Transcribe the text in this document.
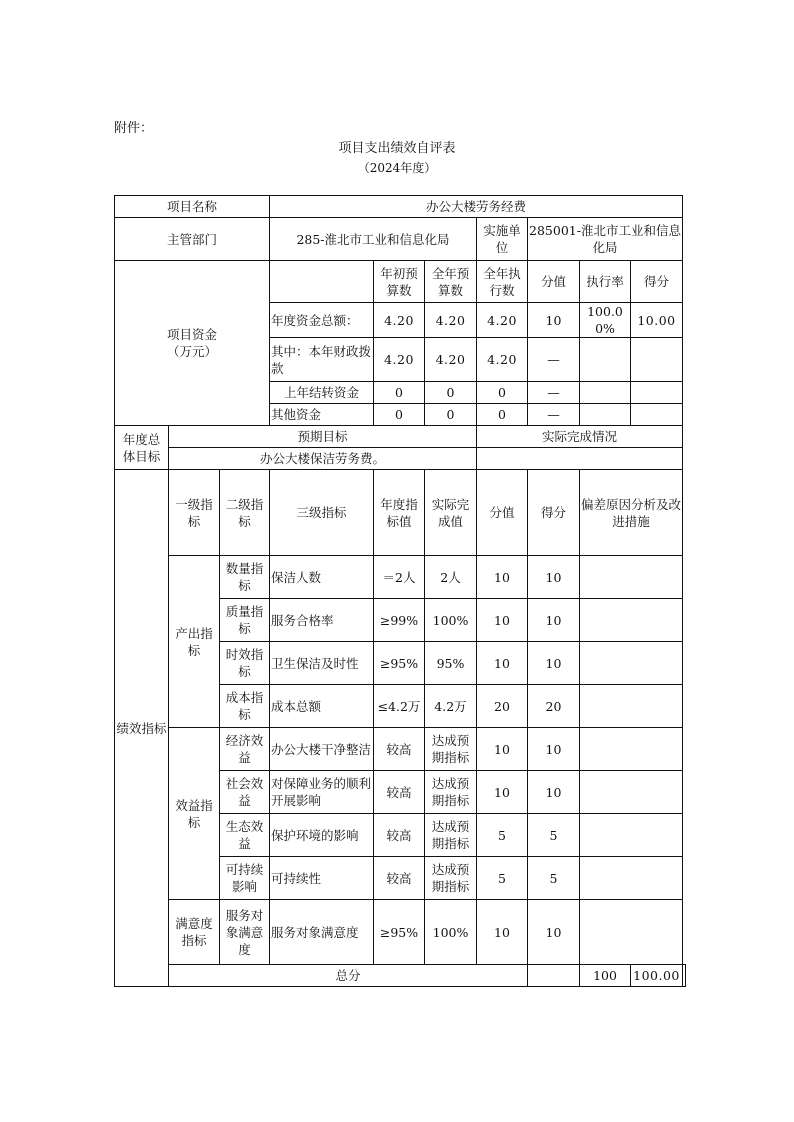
附件：
项目支出绩效自评表
（2024年度）
项目名称			办公大楼劳务经费							
主管部门			285-淮北市工业和信息化局			实施单位	285001-淮北市工业和信息化局			
项目资金
（万元）				年初预算数	全年预算数	全年执行数	分值	执行率	得分	
			年度资金总额：	4.20	4.20	4.20	10	100.00%	10.00	
			其中：本年财政拨款	4.20	4.20	4.20	—			
			上年结转资金	0	0	0	—			
			其他资金	0	0	0	—			
年度总
体目标	预期目标					实际完成情况				
	办公大楼保洁劳务费。									
绩效指标	一级指标	二级指标	三级指标	年度指标值	实际完成值	分值	得分	偏差原因分析及改进措施		
	产出指标	数量指标	保洁人数	＝2人	2人	10	10			
		质量指标	服务合格率	≥99%	100%	10	10			
		时效指标	卫生保洁及时性	≥95%	95%	10	10			
		成本指标	成本总额	≤4.2万	4.2万	20	20			
	效益指标	经济效益	办公大楼干净整洁	较高	达成预期指标	10	10			
		社会效益	对保障业务的顺利开展影响	较高	达成预期指标	10	10			
		生态效益	保护环境的影响	较高	达成预期指标	5	5			
		可持续影响	可持续性	较高	达成预期指标	5	5			
	满意度指标	服务对象满意度	服务对象满意度	≥95%	100%	10	10			
	总分							100	100.00	
